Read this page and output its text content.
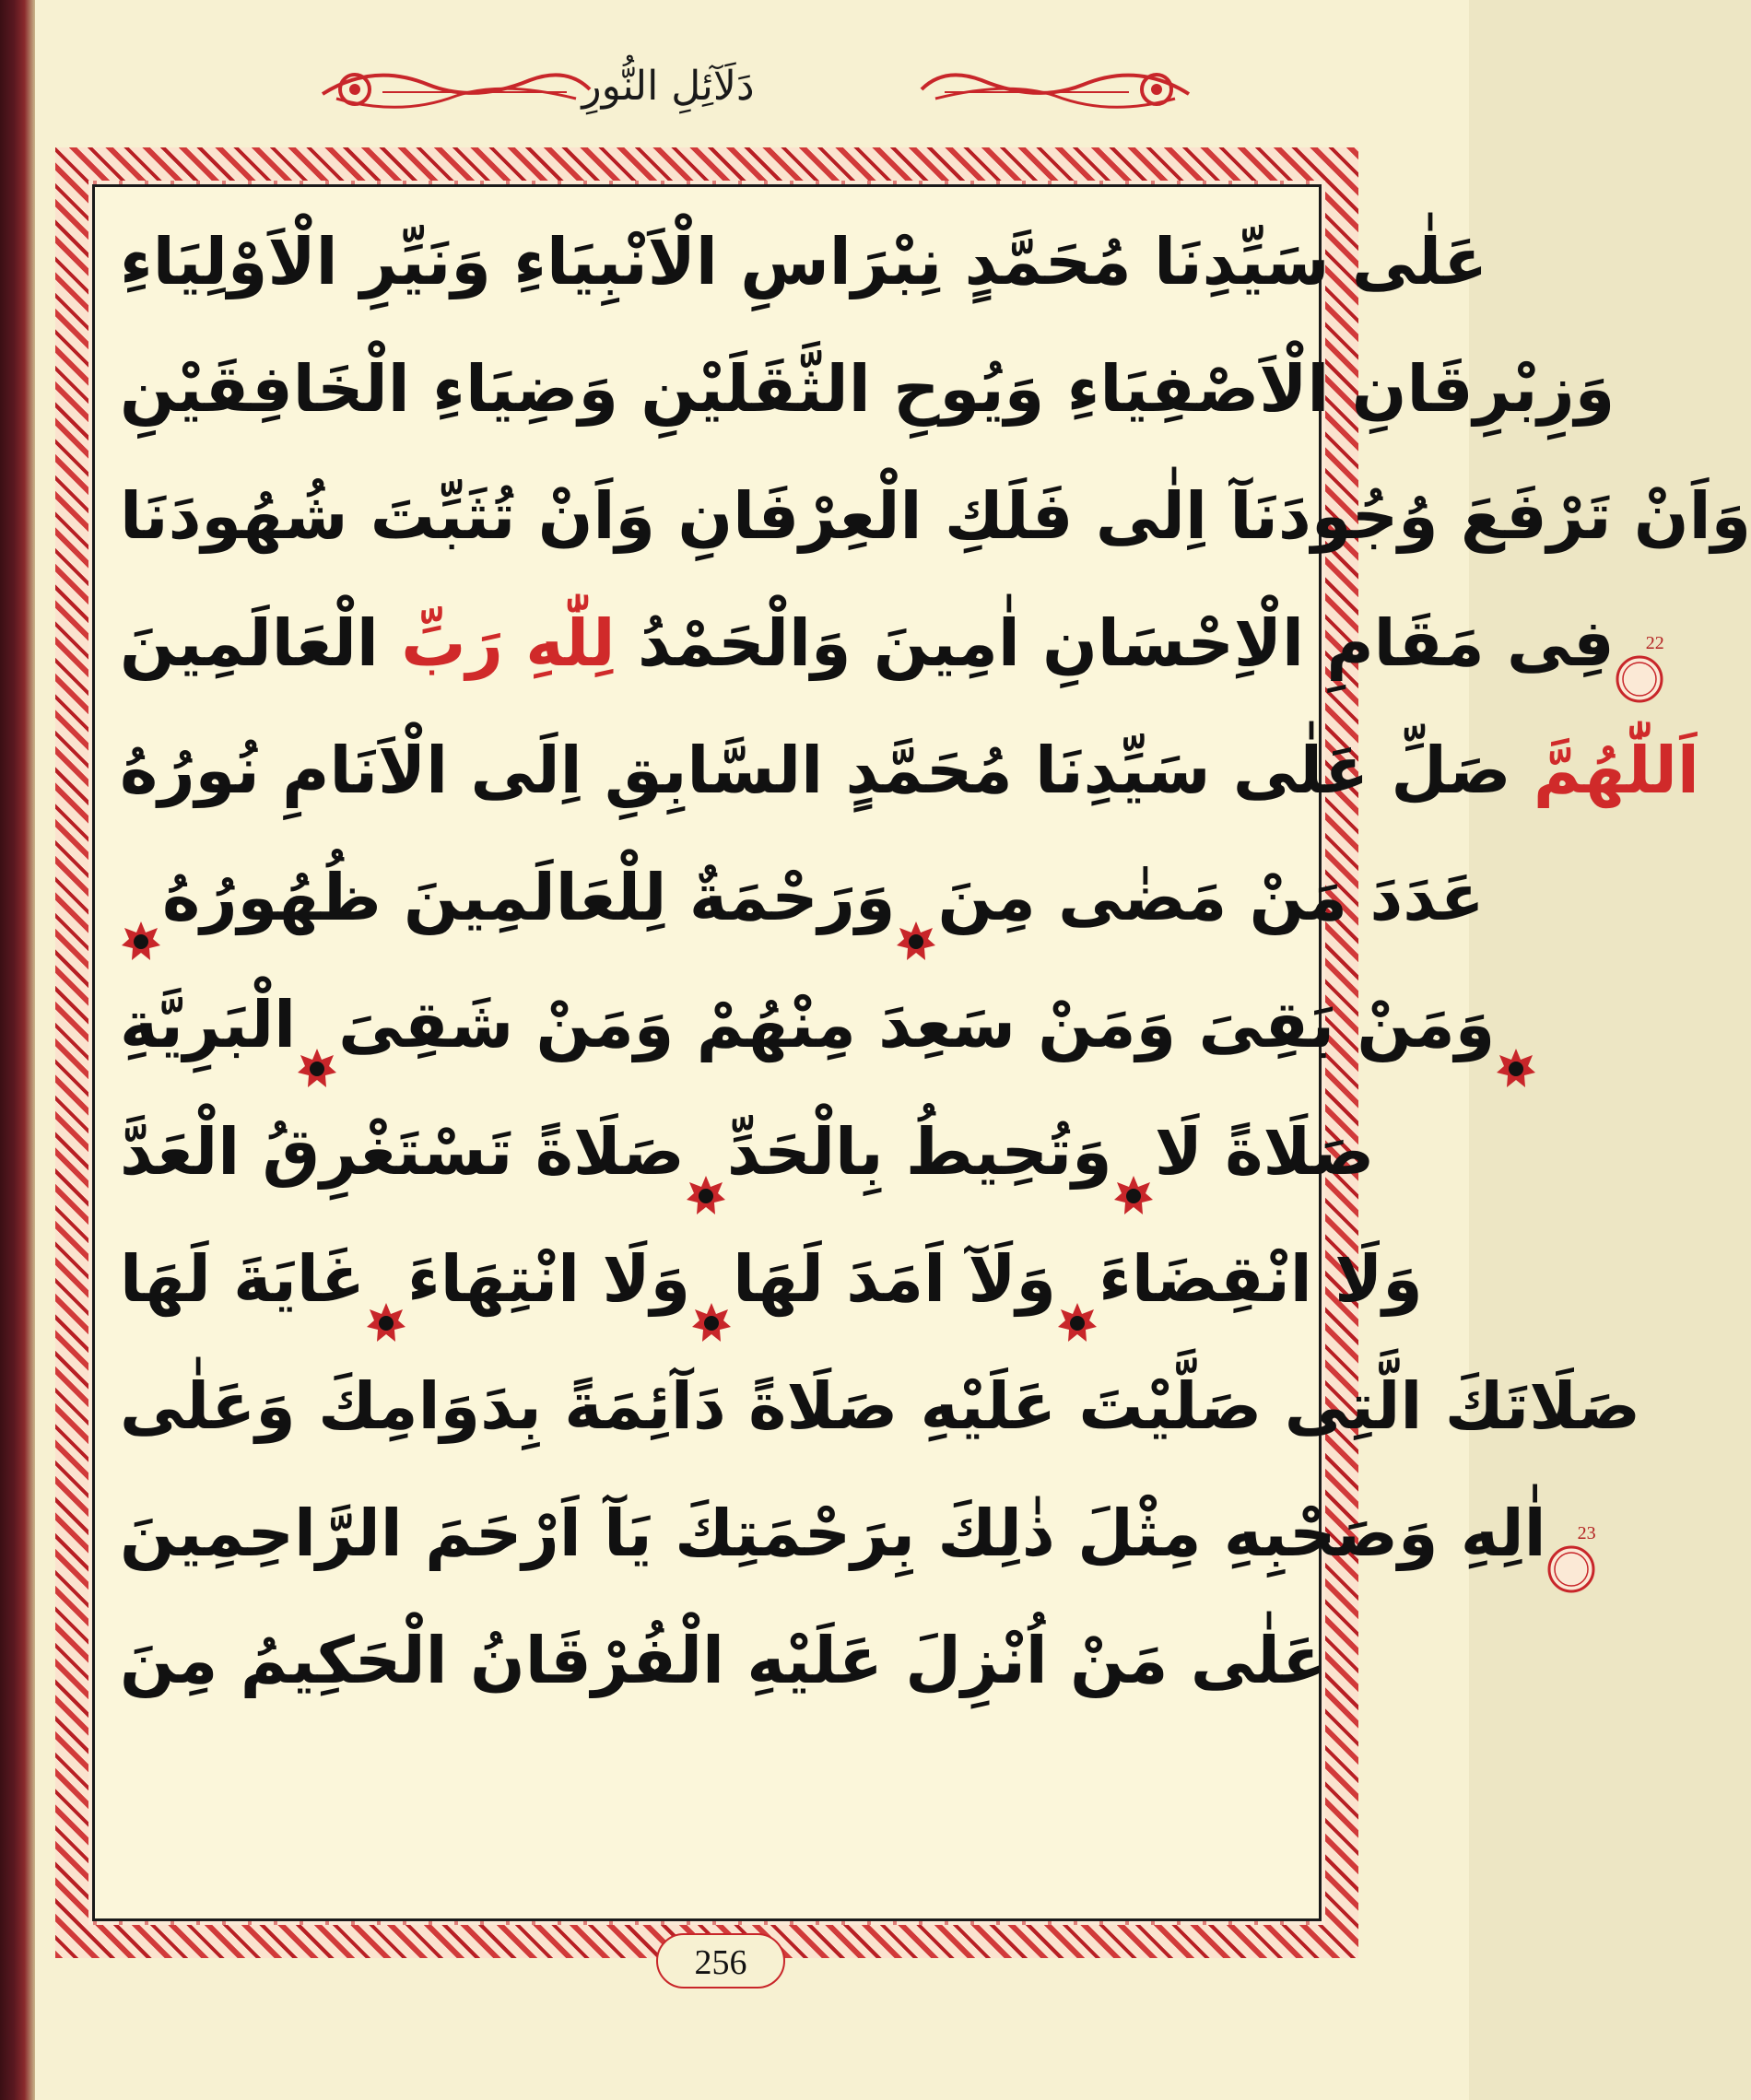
دَلَآئِلِ النُّورِ
عَلٰى سَيِّدِنَا مُحَمَّدٍ نِبْرَاسِ الْاَنْبِيَاءِ وَنَيِّرِ الْاَوْلِيَاءِ
وَزِبْرِقَانِ الْاَصْفِيَاءِ وَيُوحِ الثَّقَلَيْنِ وَضِيَاءِ الْخَافِقَيْنِ
وَاَنْ تَرْفَعَ وُجُودَنَآ اِلٰى فَلَكِ الْعِرْفَانِ وَاَنْ تُثَبِّتَ شُهُودَنَا
فِى مَقَامِ الْاِحْسَانِ اٰمِينَ وَالْحَمْدُ لِلّٰهِ رَبِّ الْعَالَمِينَ	22
اَللّٰهُمَّ صَلِّ عَلٰى سَيِّدِنَا مُحَمَّدٍ السَّابِقِ اِلَى الْاَنَامِ نُورُهُ
وَرَحْمَةٌ لِلْعَالَمِينَ ظُهُورُهُ عَدَدَ مَنْ مَضٰى مِنَ
الْبَرِيَّةِ وَمَنْ بَقِىَ وَمَنْ سَعِدَ مِنْهُمْ وَمَنْ شَقِىَ
صَلَاةً تَسْتَغْرِقُ الْعَدَّ وَتُحِيطُ بِالْحَدِّ صَلَاةً لَا
غَايَةَ لَهَا وَلَا انْتِهَاءَ وَلَآ اَمَدَ لَهَا وَلَا انْقِضَاءَ
صَلَاتَكَ الَّتِى صَلَّيْتَ عَلَيْهِ صَلَاةً دَآئِمَةً بِدَوَامِكَ وَعَلٰى
اٰلِهِ وَصَحْبِهِ مِثْلَ ذٰلِكَ بِرَحْمَتِكَ يَآ اَرْحَمَ الرَّاحِمِينَ	23
عَلٰى مَنْ اُنْزِلَ عَلَيْهِ الْفُرْقَانُ الْحَكِيمُ مِنَ
256
